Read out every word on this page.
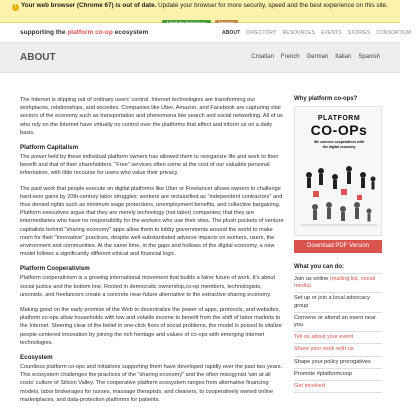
! Your web browser (Chrome 67) is out of date. Update your browser for more security, speed and the best experience on this site.
supporting the platform co-op ecosystem	ABOUT DIRECTORY RESOURCES EVENTS STORIES CONSORTIUM
ABOUT	Croatian French German Italian Spanish

The Internet is slipping out of ordinary users' control. Internet technologies are transforming our workplaces, relationships, and societies. Companies like Uber, Amazon, and Facebook are capturing vital sectors of the economy such as transportation and phenomena like search and social networking. All of us who rely on the Internet have virtually no control over the platforms that affect and inform us on a daily basis.

Platform Capitalism

The power held by these individual platform owners has allowed them to reorganize life and work to their benefit and that of their shareholders. "Free" services often come at the cost of our valuable personal information, with little recourse for users who value their privacy.

The paid work that people execute on digital platforms like Uber or Freelancer allows owners to challenge hard-won gains by 20th-century labor struggles: workers are reclassified as "independent contractors" and thus denied rights such as minimum wage protections, unemployment benefits, and collective bargaining. Platform executives argue that they are merely technology (not labor) companies; that they are intermediaries who have no responsibility for the workers who use their sites. The plush pockets of venture capitalists behind "sharing economy" apps allow them to lobby governments around the world to make room for their "innovative" practices, despite well-substantiated adverse impacts on workers, users, the environment and communities. At the same time, in the gaps and hollows of the digital economy, a new model follows a significantly different ethical and financial logic.

Platform Cooperativism

Platform cooperativism is a growing international movement that builds a fairer future of work. It's about social justice and the bottom line. Rooted in democratic ownership,co-op members, technologists, unionists, and freelancers create a concrete near-future alternative to the extractive sharing economy.

Making good on the early promise of the Web to decentralize the power of apps, protocols, and websites, platform co-ops allow households with low and volatile income to benefit from the shift of labor markets to the Internet. Steering clear of the belief in one-click fixes of social problems, the model is poised to vitalize people-centered innovation by joining the rich heritage and values of co-ops with emerging internet technologies.

Ecosystem

Countless platform co-ops and initiatives supporting them have developed rapidly over the past two years. This ecosystem challenges the practices of the "sharing economy" and the often misogynist 'win at all costs' culture of Silicon Valley. The cooperative platform ecosystem ranges from alternative financing models, labor brokerages for nurses, massage therapists, and cleaners, to cooperatively owned online marketplaces, and data-protection platforms for patients.

Why platform co-ops?
PLATFORM
CO-OPs
We connect cooperatives with
the digital economy
Download PDF Version
What you can do:
Join us online (mailing list, social media)
Set up or join a local advocacy group
Convene or attend an event near you
Tell us about your event
Share your work with us
Shape your policy prerogatives
Promote #platformcoop
Get involved
